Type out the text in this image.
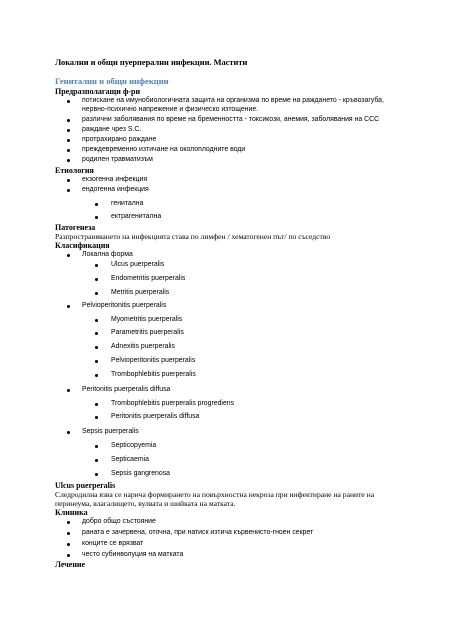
Локални и общи пуерперални инфекции. Мастити
Генитални и общи инфекции
Предразполагащи ф-ри
потискане на имунобиологичната защита на организма по време на раждането - кръвозагуба,
нервно-психично напрежение и физическо изтощение.
различни заболявания по време на бременността - токсикози, анемия, заболявания на ССС
раждане чрез S.C.
протрахирано раждане
преждевременно изтичане на околоплодните води
родилен травматизъм
Етиология
екзогенна инфекция
ендогенна инфекция
генитална
ектрагенитална
Патогенеза
Разпространяването на инфекцията става по лимфен / хематогенен път/ по съседство
Класификация
Локална форма
Ulcus puerperalis
Endometritis puerperalis
Metritis puerperalis
Pelvioperitonitis puerperalis
Myometritis puerperalis
Parametritis puerperalis
Adnexitis puerperalis
Pelvioperitonitis puerperalis
Trombophlebitis puerperalis
Peritonitis puerperalis diffusa
Trombophlebitis puerperalis progrediens
Peritonitis puerperalis diffusa
Sepsis puerperalis
Septicopyemia
Septicaemia
Sepsis gangrenosa
Ulcus puerperalis
Следродилна язва се нарича формирането на повърхностна некроза при инфектиране на раните на
перинеума, влагалището, вулвата и шийката на матката.
Клиника
добро общо състояние
раната е зачервена, оточна, при натиск изтича кървенисто-гноен секрет
конците се врязват
често субинволуция на матката
Лечение
